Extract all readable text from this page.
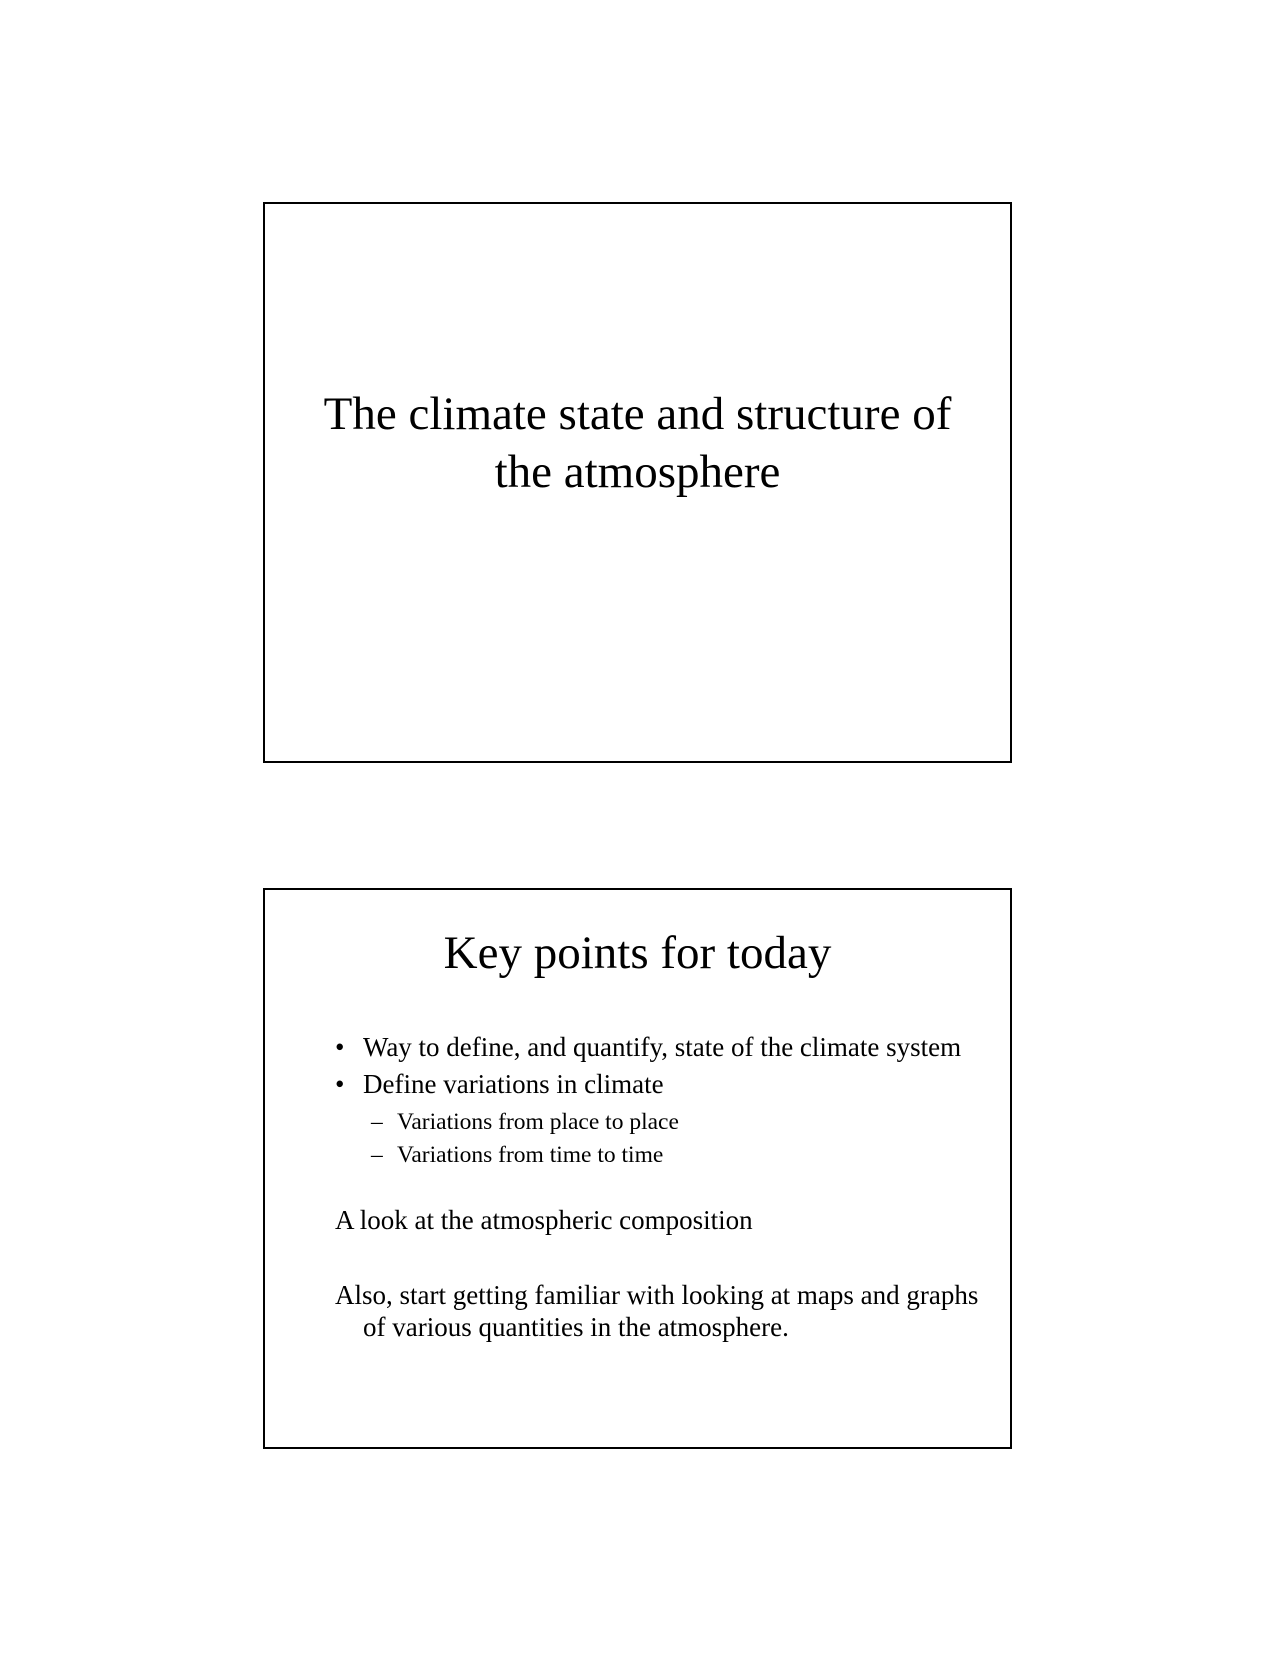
The climate state and structure of
the atmosphere
Key points for today
• Way to define, and quantify, state of the climate system
• Define variations in climate
– Variations from place to place
– Variations from time to time
A look at the atmospheric composition
Also, start getting familiar with looking at maps and graphs of various quantities in the atmosphere.
